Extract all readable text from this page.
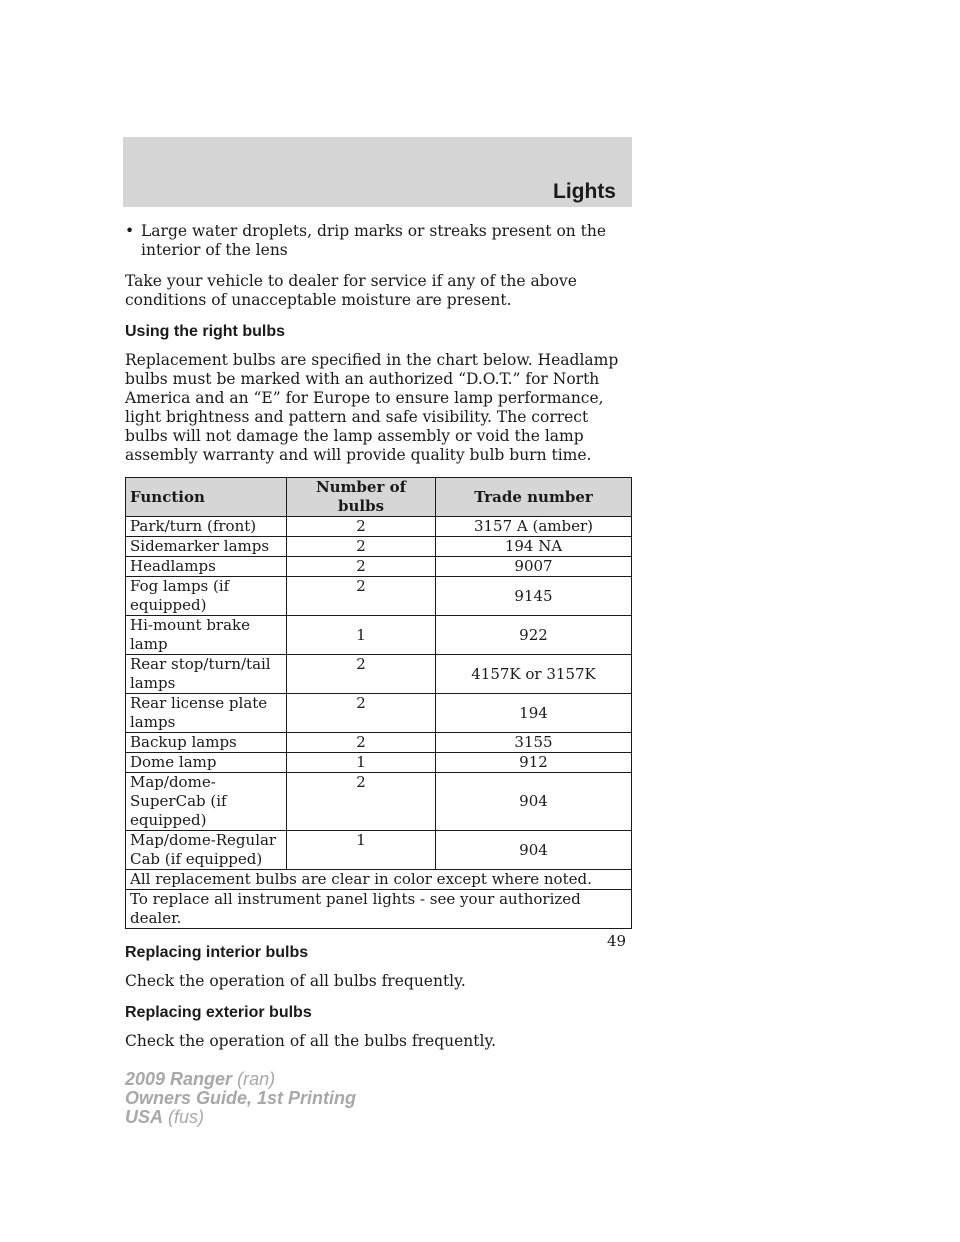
Lights
• Large water droplets, drip marks or streaks present on the interior of the lens

Take your vehicle to dealer for service if any of the above conditions of unacceptable moisture are present.

Using the right bulbs

Replacement bulbs are specified in the chart below. Headlamp bulbs must be marked with an authorized “D.O.T.” for North America and an “E” for Europe to ensure lamp performance, light brightness and pattern and safe visibility. The correct bulbs will not damage the lamp assembly or void the lamp assembly warranty and will provide quality bulb burn time.

Function	Number of bulbs	Trade number
Park/turn (front)	2	3157 A (amber)
Sidemarker lamps	2	194 NA
Headlamps	2	9007
Fog lamps (if equipped)	2	9145
Hi-mount brake lamp	1	922
Rear stop/turn/tail lamps	2	4157K or 3157K
Rear license plate lamps	2	194
Backup lamps	2	3155
Dome lamp	1	912
Map/dome-SuperCab (if equipped)	2	904
Map/dome-Regular Cab (if equipped)	1	904
All replacement bulbs are clear in color except where noted.		
To replace all instrument panel lights - see your authorized dealer.		
Replacing interior bulbs

Check the operation of all bulbs frequently.

Replacing exterior bulbs

Check the operation of all the bulbs frequently.

49
2009 Ranger (ran)
Owners Guide, 1st Printing
USA (fus)
